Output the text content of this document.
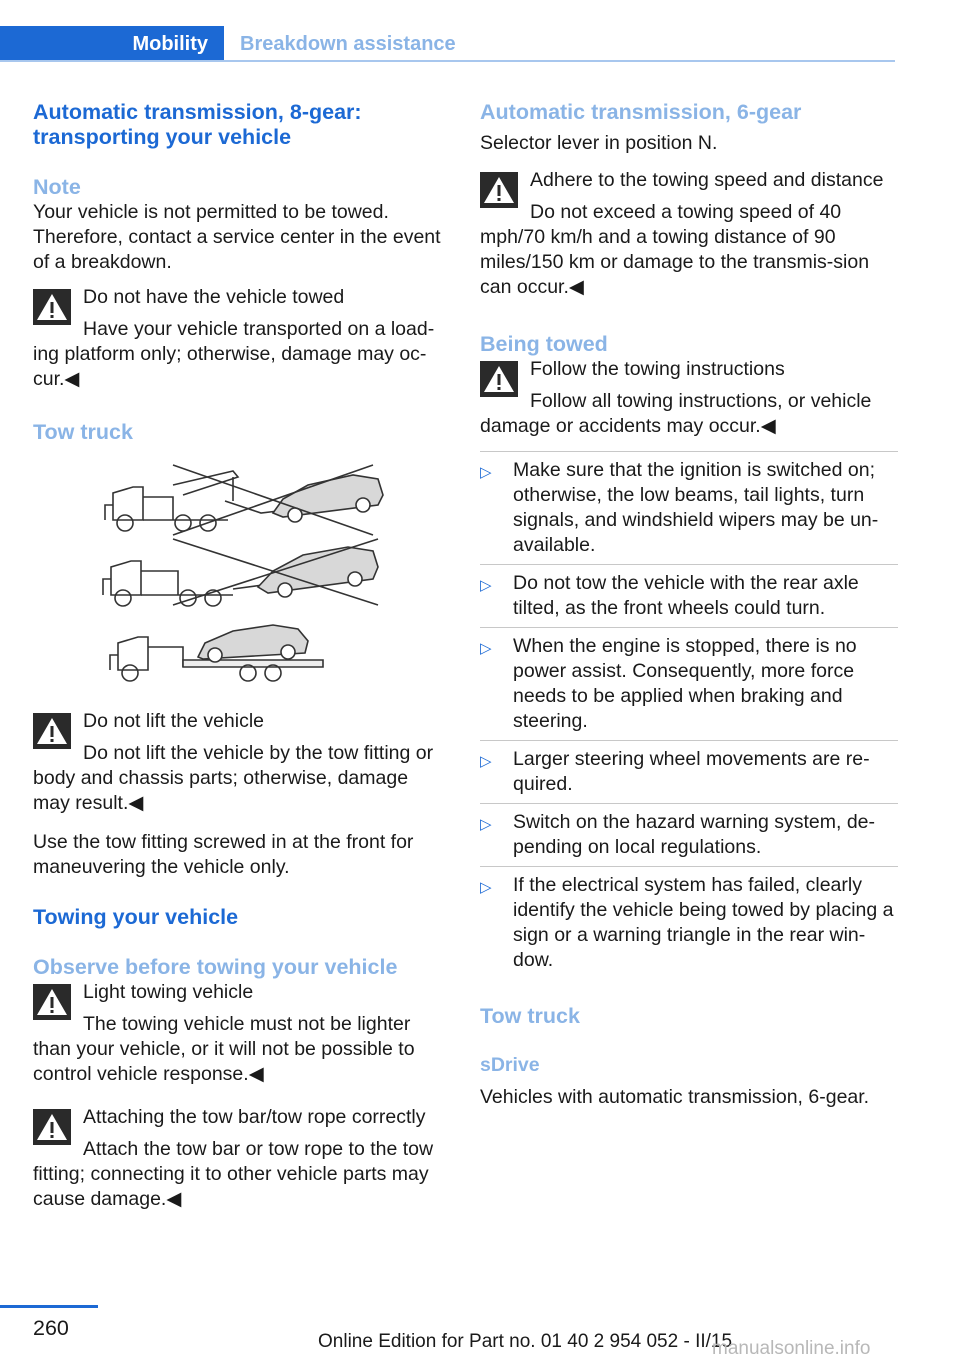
Mobility	Breakdown assistance
Automatic transmission, 8-gear: transporting your vehicle
Note
Your vehicle is not permitted to be towed. Therefore, contact a service center in the event of a breakdown.
Do not have the vehicle towed
Have your vehicle transported on a load‐ing platform only; otherwise, damage may oc‐cur.◀
Tow truck
Do not lift the vehicle
Do not lift the vehicle by the tow fitting or body and chassis parts; otherwise, damage may result.◀
Use the tow fitting screwed in at the front for maneuvering the vehicle only.
Towing your vehicle
Observe before towing your vehicle
Light towing vehicle
The towing vehicle must not be lighter than your vehicle, or it will not be possible to control vehicle response.◀
Attaching the tow bar/tow rope correctly
Attach the tow bar or tow rope to the tow fitting; connecting it to other vehicle parts may cause damage.◀
Automatic transmission, 6-gear
Selector lever in position N.
Adhere to the towing speed and distance
Do not exceed a towing speed of 40 mph/70 km/h and a towing distance of 90 miles/150 km or damage to the transmis‐sion can occur.◀
Being towed
Follow the towing instructions
Follow all towing instructions, or vehicle damage or accidents may occur.◀
▷ Make sure that the ignition is switched on; otherwise, the low beams, tail lights, turn signals, and windshield wipers may be un‐available.
▷ Do not tow the vehicle with the rear axle tilted, as the front wheels could turn.
▷ When the engine is stopped, there is no power assist. Consequently, more force needs to be applied when braking and steering.
▷ Larger steering wheel movements are re‐quired.
▷ Switch on the hazard warning system, de‐pending on local regulations.
▷ If the electrical system has failed, clearly identify the vehicle being towed by placing a sign or a warning triangle in the rear win‐dow.
Tow truck
sDrive
Vehicles with automatic transmission, 6-gear.
260
Online Edition for Part no. 01 40 2 954 052 - II/15
manualsonline.info
